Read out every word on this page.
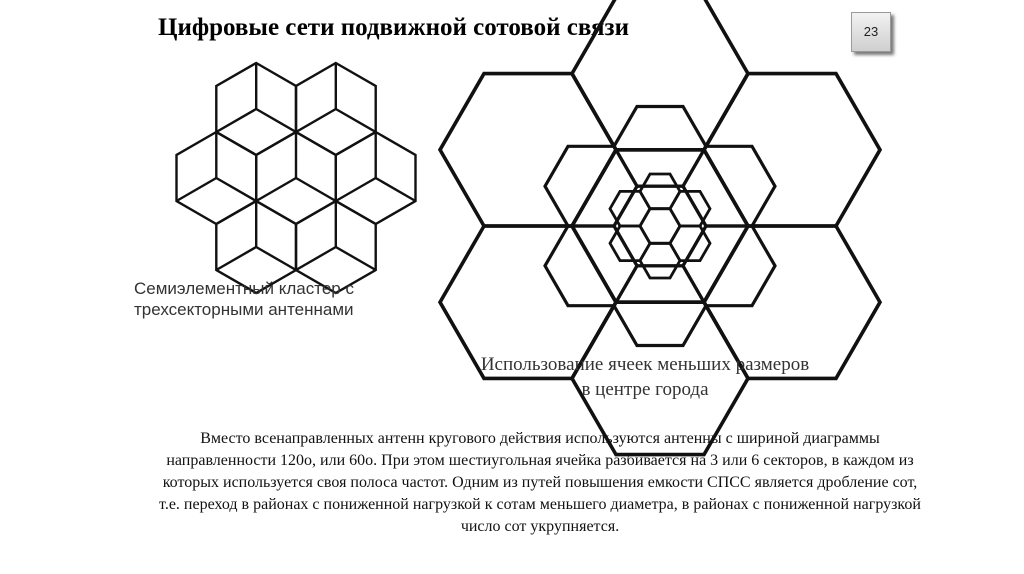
Цифровые сети подвижной сотовой связи	23
Семиэлементный кластер с
трехсекторными антеннами
Использование ячеек меньших размеров
в центре города
Вместо всенаправленных антенн кругового действия используются антенны с шириной диаграммы
направленности 120о, или 60о. При этом шестиугольная ячейка разбивается на 3 или 6 секторов, в каждом из
которых используется своя полоса частот. Одним из путей повышения емкости СПСС является дробление сот,
т.е. переход в районах с пониженной нагрузкой к сотам меньшего диаметра, в районах с пониженной нагрузкой
число сот укрупняется.
